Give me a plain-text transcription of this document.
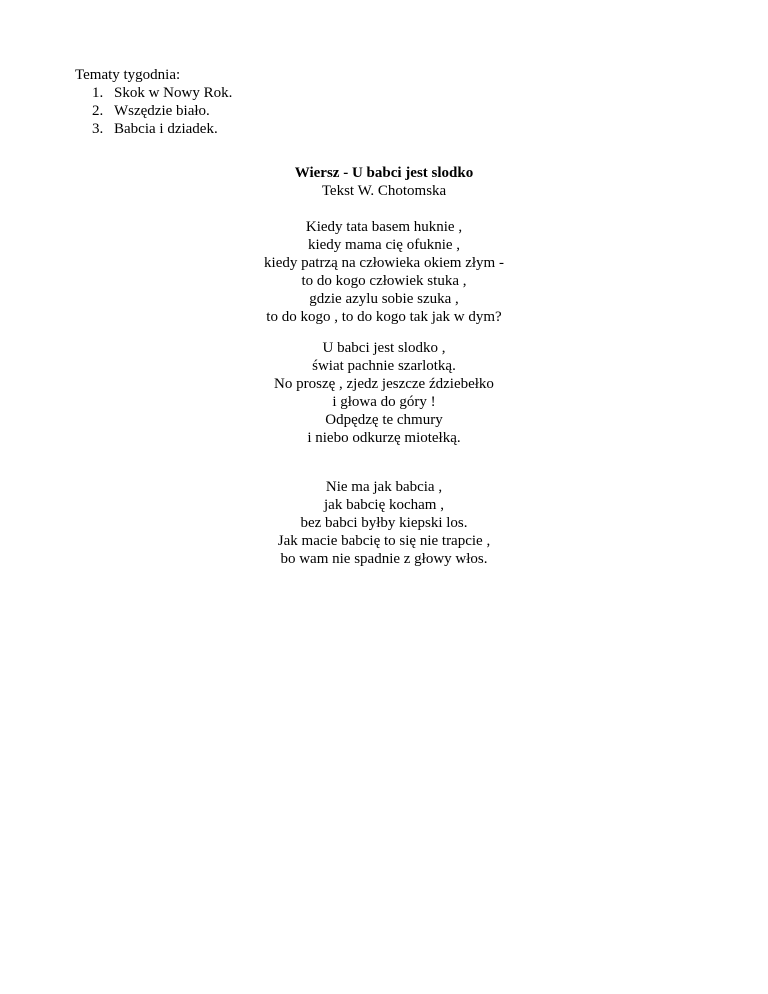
Tematy tygodnia:
1. Skok w Nowy Rok.
2. Wszędzie biało.
3. Babcia i dziadek.
Wiersz - U babci jest slodko
Tekst W. Chotomska
Kiedy tata basem huknie ,
kiedy mama cię ofuknie ,
kiedy patrzą na człowieka okiem złym -
to do kogo człowiek stuka ,
gdzie azylu sobie szuka ,
to do kogo , to do kogo tak jak w dym?
U babci jest slodko ,
świat pachnie szarlotką.
No proszę , zjedz jeszcze ździebełko
i głowa do góry !
Odpędzę te chmury
i niebo odkurzę miotełką.
Nie ma jak babcia ,
jak babcię kocham ,
bez babci byłby kiepski los.
Jak macie babcię to się nie trapcie ,
bo wam nie spadnie z głowy włos.
